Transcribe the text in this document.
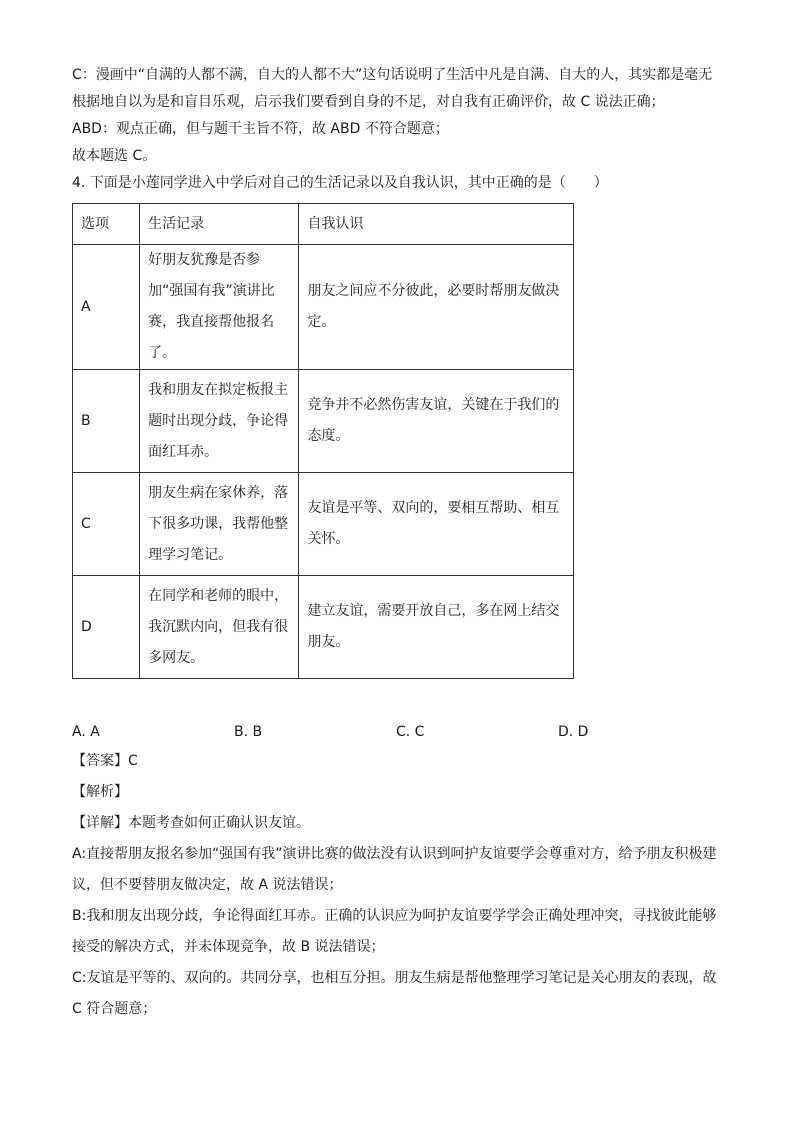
C：漫画中“自满的人都不满，自大的人都不大”这句话说明了生活中凡是自满、自大的人，其实都是毫无

根据地自以为是和盲目乐观，启示我们要看到自身的不足，对自我有正确评价，故 C 说法正确；

ABD：观点正确，但与题干主旨不符，故 ABD 不符合题意；

故本题选 C。

4. 下面是小莲同学进入中学后对自己的生活记录以及自我认识，其中正确的是（　　）

选项	生活记录	自我认识
A	好朋友犹豫是否参加“强国有我”演讲比赛，我直接帮他报名了。	朋友之间应不分彼此，必要时帮朋友做决定。
B	我和朋友在拟定板报主题时出现分歧，争论得面红耳赤。	竞争并不必然伤害友谊，关键在于我们的态度。
C	朋友生病在家休养，落下很多功课，我帮他整理学习笔记。	友谊是平等、双向的，要相互帮助、相互关怀。
D	在同学和老师的眼中，我沉默内向，但我有很多网友。	建立友谊，需要开放自己，多在网上结交朋友。
A. A	B. B	C. C	D. D

【答案】C

【解析】

【详解】本题考查如何正确认识友谊。

A:直接帮朋友报名参加“强国有我”演讲比赛的做法没有认识到呵护友谊要学会尊重对方，给予朋友积极建

议，但不要替朋友做决定，故 A 说法错误；

B:我和朋友出现分歧，争论得面红耳赤。正确的认识应为呵护友谊要学学会正确处理冲突，寻找彼此能够

接受的解决方式，并未体现竞争，故 B 说法错误；

C:友谊是平等的、双向的。共同分享，也相互分担。朋友生病是帮他整理学习笔记是关心朋友的表现，故

C 符合题意；
